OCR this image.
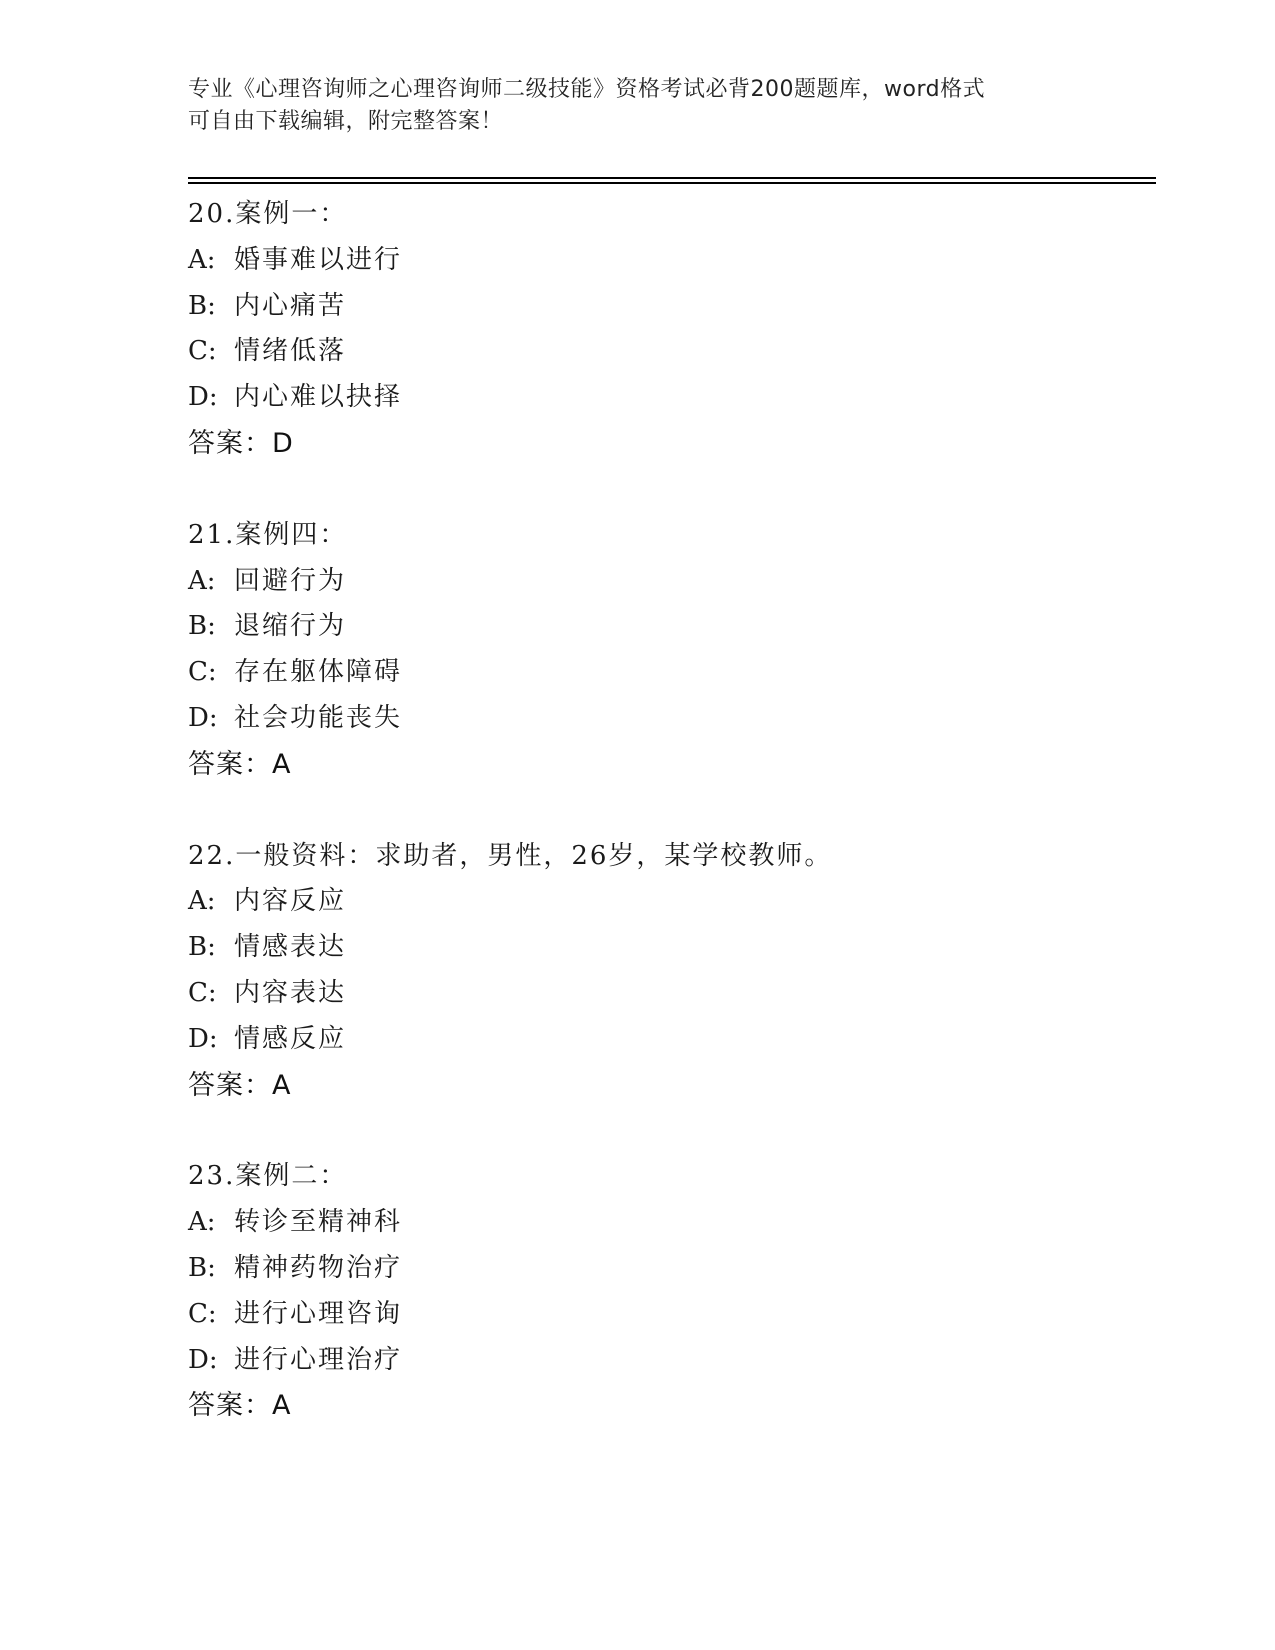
专业《心理咨询师之心理咨询师二级技能》资格考试必背200题题库，word格式
可自由下载编辑，附完整答案！
20.案例一：
A: 婚事难以进行
B: 内心痛苦
C: 情绪低落
D: 内心难以抉择
答案：D
21.案例四：
A: 回避行为
B: 退缩行为
C: 存在躯体障碍
D: 社会功能丧失
答案：A
22.一般资料：求助者，男性，26岁，某学校教师。
A: 内容反应
B: 情感表达
C: 内容表达
D: 情感反应
答案：A
23.案例二：
A: 转诊至精神科
B: 精神药物治疗
C: 进行心理咨询
D: 进行心理治疗
答案：A
